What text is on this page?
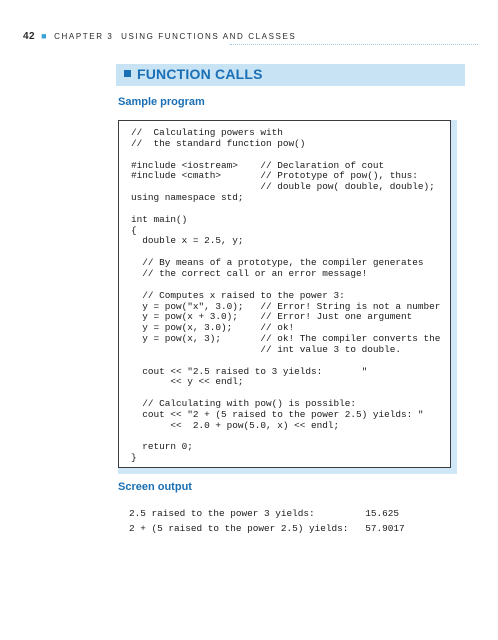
42 ■ CHAPTER 3 USING FUNCTIONS AND CLASSES
FUNCTION CALLS
Sample program
//  Calculating powers with
//  the standard function pow()

#include <iostream>    // Declaration of cout
#include <cmath>       // Prototype of pow(), thus:
// double pow( double, double);
using namespace std;

int main()
{
double x = 2.5, y;

// By means of a prototype, the compiler generates
// the correct call or an error message!

// Computes x raised to the power 3:
y = pow("x", 3.0);   // Error! String is not a number
y = pow(x + 3.0);    // Error! Just one argument
y = pow(x, 3.0);     // ok!
y = pow(x, 3);       // ok! The compiler converts the
// int value 3 to double.

cout << "2.5 raised to 3 yields:       "
<< y << endl;

// Calculating with pow() is possible:
cout << "2 + (5 raised to the power 2.5) yields: "
<<  2.0 + pow(5.0, x) << endl;

return 0;
}
Screen output
2.5 raised to the power 3 yields:         15.625
2 + (5 raised to the power 2.5) yields:   57.9017
